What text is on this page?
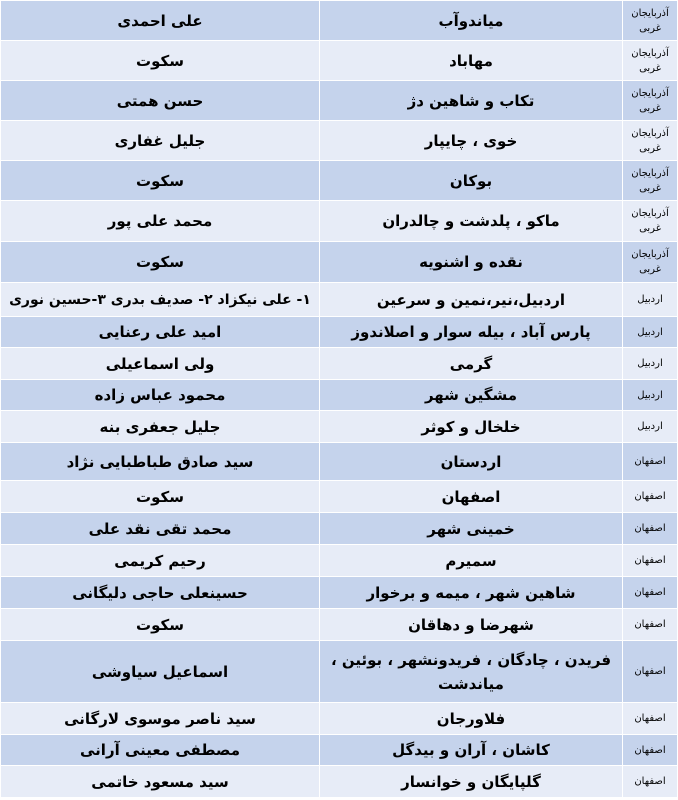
آذربایجان غربی	میاندوآب	علی احمدی
آذربایجان غربی	مهاباد	سکوت
آذربایجان غربی	تکاب و شاهین دژ	حسن همتی
آذربایجان غربی	خوی ، چایپار	جلیل غفاری
آذربایجان غربی	بوکان	سکوت
آذربایجان غربی	ماکو ، پلدشت و چالدران	محمد علی پور
آذربایجان غربی	نقده و اشنویه	سکوت
اردبیل	اردبیل،نیر،نمین و سرعین	۱- علی نیکزاد ۲- صدیف بدری ۳-حسین نوری
اردبیل	پارس آباد ، بیله سوار و اصلاندوز	امید علی رعنایی
اردبیل	گرمی	ولی اسماعیلی
اردبیل	مشگین شهر	محمود عباس زاده
اردبیل	خلخال و کوثر	جلیل جعفری بنه
اصفهان	اردستان	سید صادق طباطبایی نژاد
اصفهان	اصفهان	سکوت
اصفهان	خمینی شهر	محمد تقی نقد علی
اصفهان	سمیرم	رحیم کریمی
اصفهان	شاهین شهر ، میمه و برخوار	حسینعلی حاجی دلیگانی
اصفهان	شهرضا و دهاقان	سکوت
اصفهان	فریدن ، چادگان ، فریدونشهر ، بوئین ، میاندشت	اسماعیل سیاوشی
اصفهان	فلاورجان	سید ناصر موسوی لارگانی
اصفهان	کاشان ، آران و بیدگل	مصطفی معینی آرانی
اصفهان	گلپایگان و خوانسار	سید مسعود خاتمی
